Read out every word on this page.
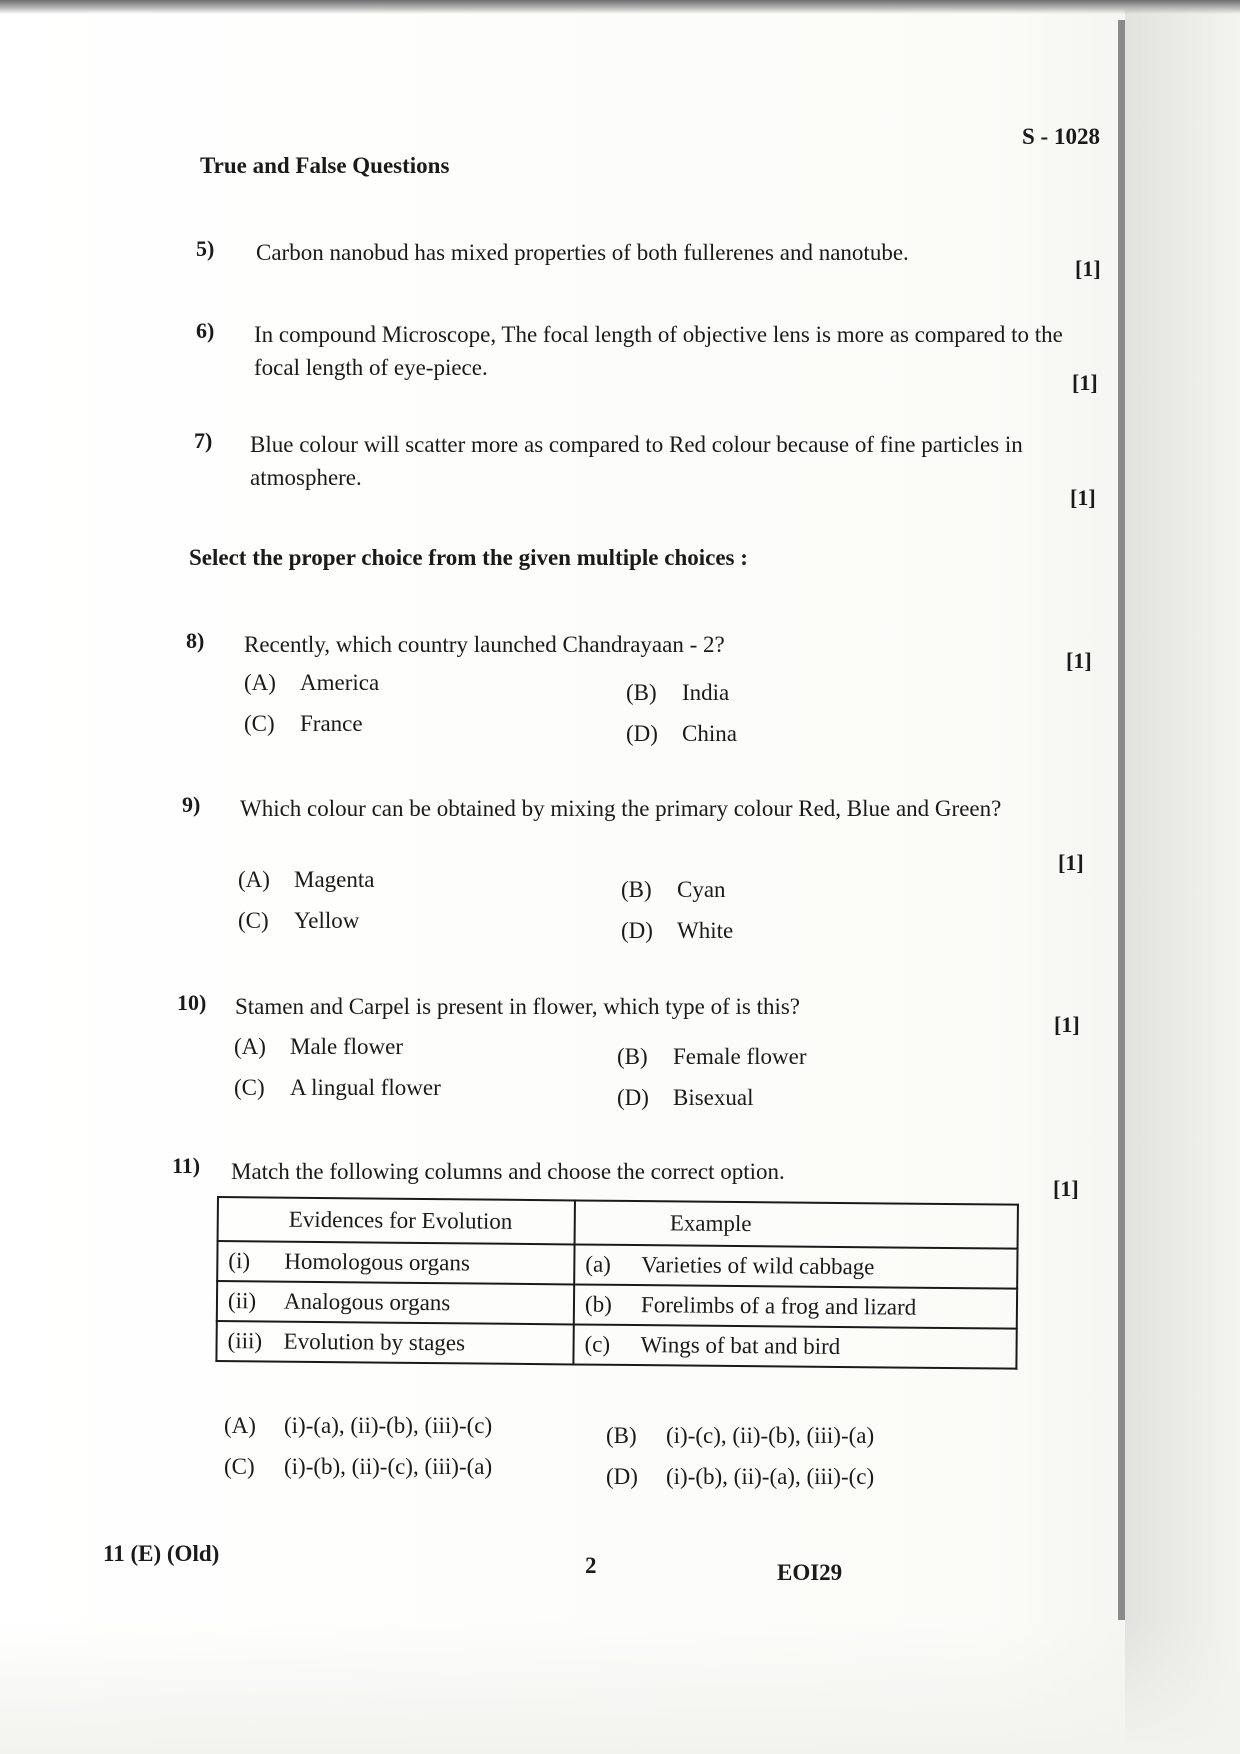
S - 1028
True and False Questions
5) Carbon nanobud has mixed properties of both fullerenes and nanotube.
[1]
6) In compound Microscope, The focal length of objective lens is more as compared to the focal length of eye-piece.
[1]
7) Blue colour will scatter more as compared to Red colour because of fine particles in atmosphere.
[1]
Select the proper choice from the given multiple choices :
8) Recently, which country launched Chandrayaan - 2?
[1]
(A) America	(B) India
(C) France	(D) China
9) Which colour can be obtained by mixing the primary colour Red, Blue and Green?
[1]
(A) Magenta	(B) Cyan
(C) Yellow	(D) White
10) Stamen and Carpel is present in flower, which type of is this?
[1]
(A) Male flower	(B) Female flower
(C) A lingual flower	(D) Bisexual
11) Match the following columns and choose the correct option.
[1]
Evidences for Evolution	Example
(i) Homologous organs	(a) Varieties of wild cabbage
(ii) Analogous organs	(b) Forelimbs of a frog and lizard
(iii) Evolution by stages	(c) Wings of bat and bird
(A) (i)-(a), (ii)-(b), (iii)-(c)	(B) (i)-(c), (ii)-(b), (iii)-(a)
(C) (i)-(b), (ii)-(c), (iii)-(a)	(D) (i)-(b), (ii)-(a), (iii)-(c)
11 (E) (Old)	2	EOI29
